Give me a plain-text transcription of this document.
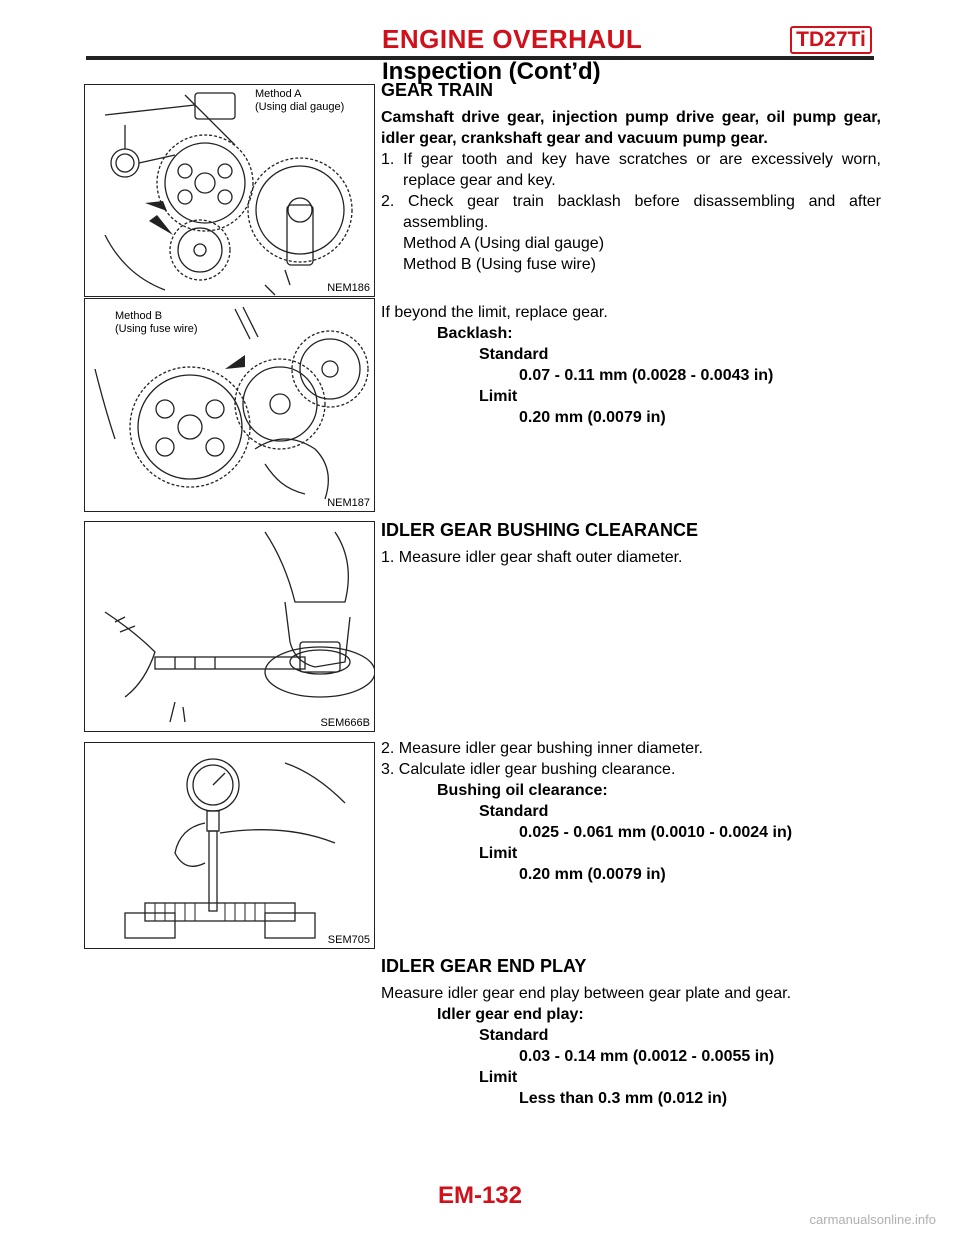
ENGINE OVERHAUL	TD27Ti
Inspection (Cont’d)
Method A
(Using dial gauge)
NEM186
Method B
(Using fuse wire)
NEM187
SEM666B
SEM705
GEAR TRAIN
Camshaft drive gear, injection pump drive gear, oil pump gear, idler gear, crankshaft gear and vacuum pump gear.
1. If gear tooth and key have scratches or are excessively worn, replace gear and key.
2. Check gear train backlash before disassembling and after assembling.
Method A (Using dial gauge)
Method B (Using fuse wire)
If beyond the limit, replace gear.
Backlash:
Standard
0.07 - 0.11 mm (0.0028 - 0.0043 in)
Limit
0.20 mm (0.0079 in)
IDLER GEAR BUSHING CLEARANCE
1. Measure idler gear shaft outer diameter.
2. Measure idler gear bushing inner diameter.
3. Calculate idler gear bushing clearance.
Bushing oil clearance:
Standard
0.025 - 0.061 mm (0.0010 - 0.0024 in)
Limit
0.20 mm (0.0079 in)
IDLER GEAR END PLAY
Measure idler gear end play between gear plate and gear.
Idler gear end play:
Standard
0.03 - 0.14 mm (0.0012 - 0.0055 in)
Limit
Less than 0.3 mm (0.012 in)
EM-132
carmanualsonline.info
